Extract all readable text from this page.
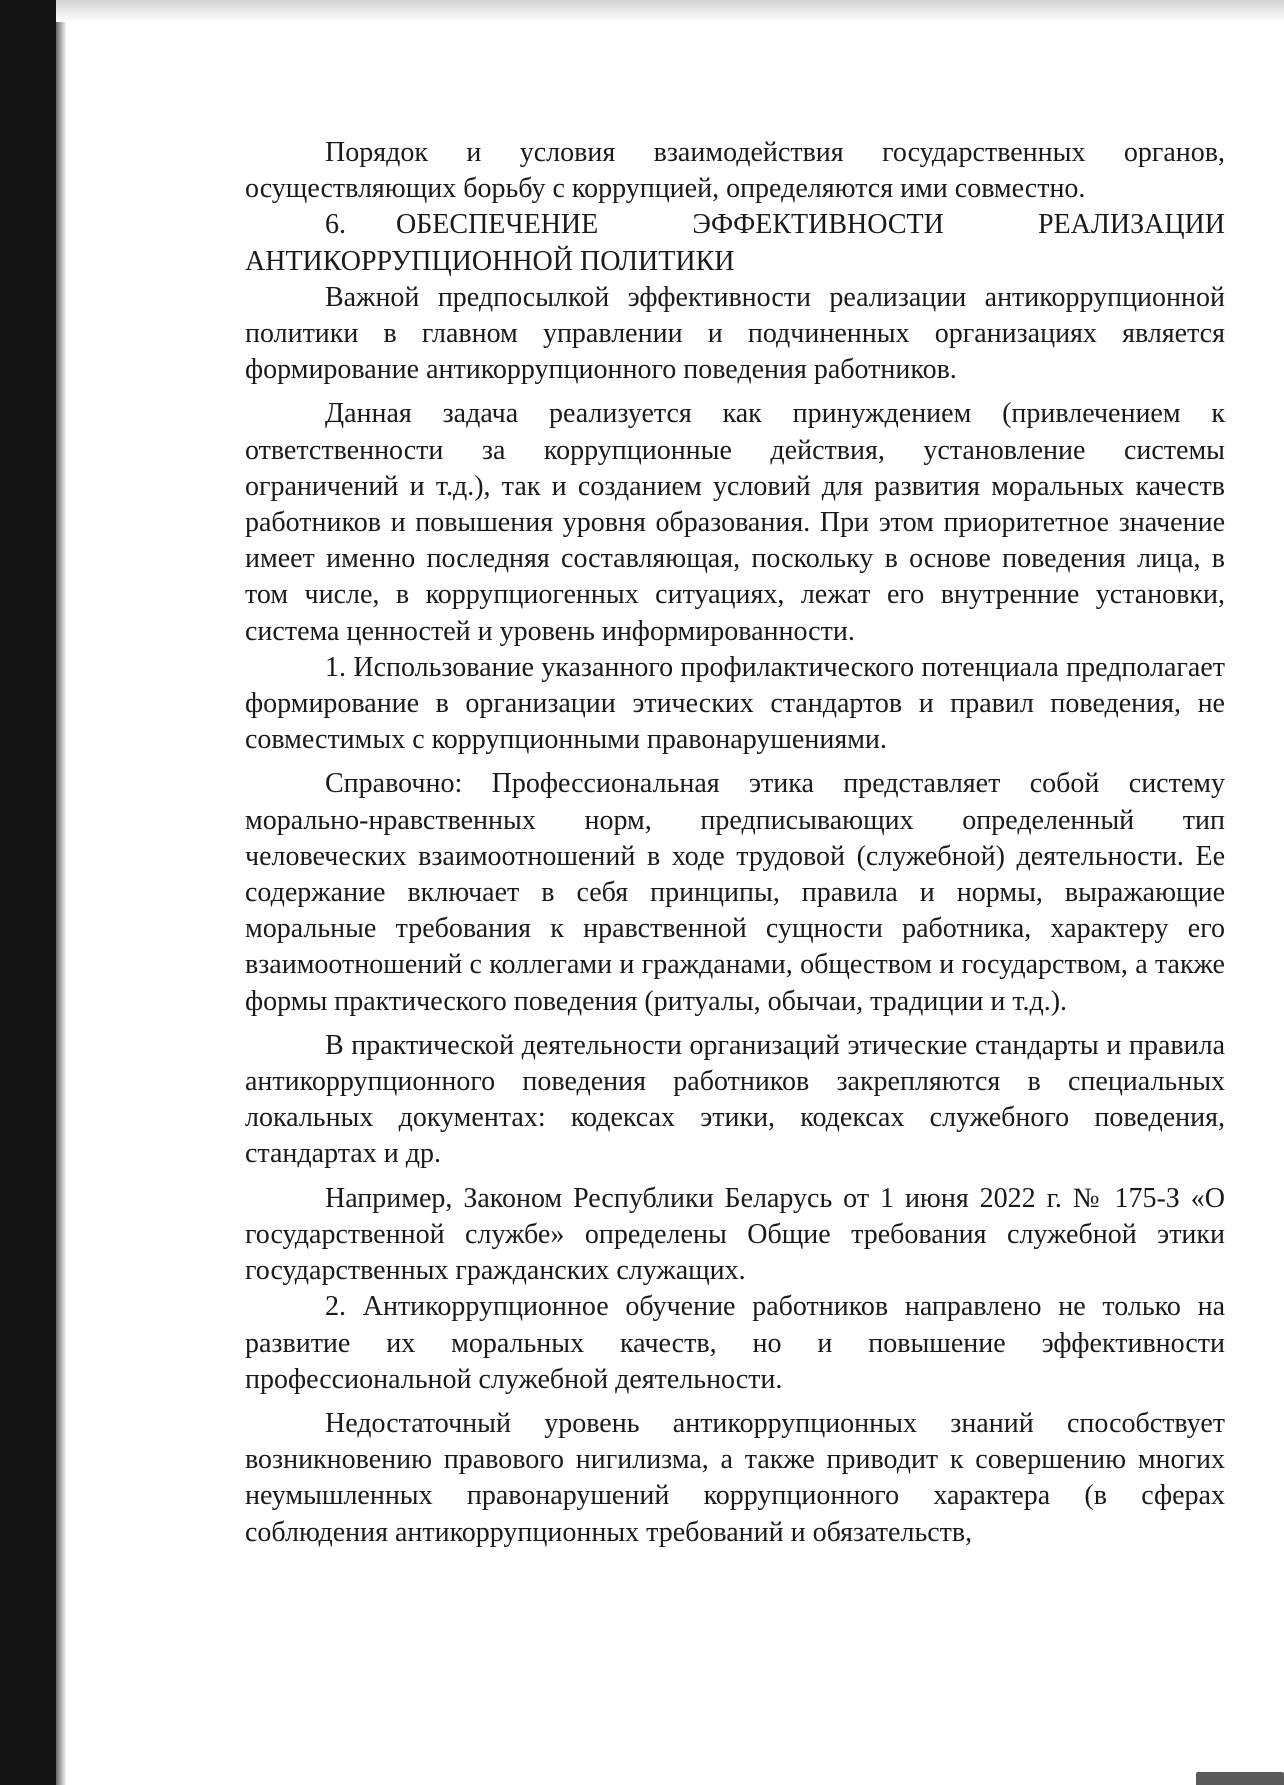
Порядок и условия взаимодействия государственных органов, осуществляющих борьбу с коррупцией, определяются ими совместно.

6. ОБЕСПЕЧЕНИЕ ЭФФЕКТИВНОСТИ РЕАЛИЗАЦИИ АНТИКОРРУПЦИОННОЙ ПОЛИТИКИ

Важной предпосылкой эффективности реализации антикоррупционной политики в главном управлении и подчиненных организациях является формирование антикоррупционного поведения работников.

Данная задача реализуется как принуждением (привлечением к ответственности за коррупционные действия, установление системы ограничений и т.д.), так и созданием условий для развития моральных качеств работников и повышения уровня образования. При этом приоритетное значение имеет именно последняя составляющая, поскольку в основе поведения лица, в том числе, в коррупциогенных ситуациях, лежат его внутренние установки, система ценностей и уровень информированности.

1. Использование указанного профилактического потенциала предполагает формирование в организации этических стандартов и правил поведения, не совместимых с коррупционными правонарушениями.

Справочно: Профессиональная этика представляет собой систему морально-нравственных норм, предписывающих определенный тип человеческих взаимоотношений в ходе трудовой (служебной) деятельности. Ее содержание включает в себя принципы, правила и нормы, выражающие моральные требования к нравственной сущности работника, характеру его взаимоотношений с коллегами и гражданами, обществом и государством, а также формы практического поведения (ритуалы, обычаи, традиции и т.д.).

В практической деятельности организаций этические стандарты и правила антикоррупционного поведения работников закрепляются в специальных локальных документах: кодексах этики, кодексах служебного поведения, стандартах и др.

Например, Законом Республики Беларусь от 1 июня 2022 г. № 175-З «О государственной службе» определены Общие требования служебной этики государственных гражданских служащих.

2. Антикоррупционное обучение работников направлено не только на развитие их моральных качеств, но и повышение эффективности профессиональной служебной деятельности.

Недостаточный уровень антикоррупционных знаний способствует возникновению правового нигилизма, а также приводит к совершению многих неумышленных правонарушений коррупционного характера (в сферах соблюдения антикоррупционных требований и обязательств,
